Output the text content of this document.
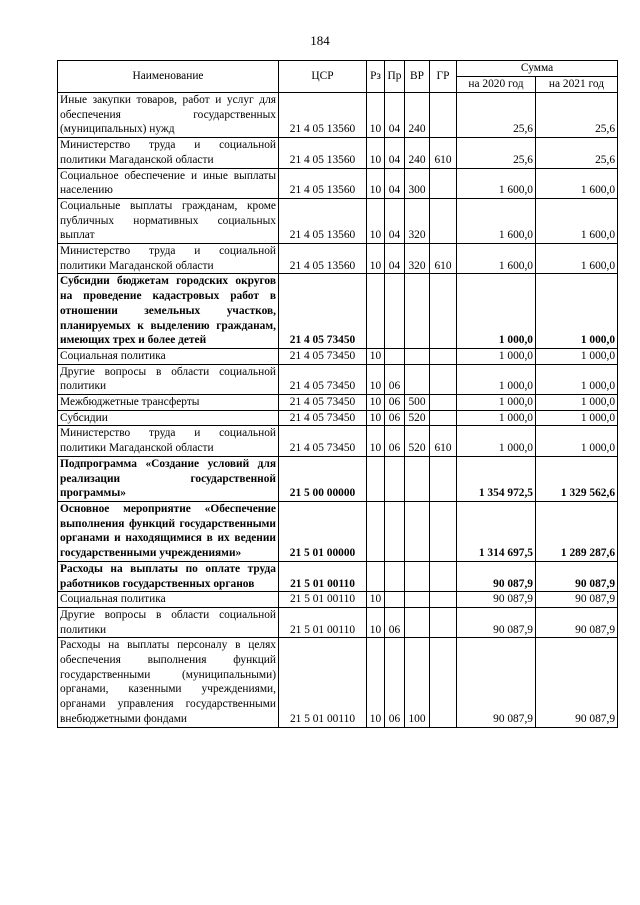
184
Наименование	ЦСР	Рз	Пр	ВР	ГР	Сумма	
						на 2020 год	на 2021 год
Иные закупки товаров, работ и услуг для обеспечения государственных (муниципальных) нужд	21 4 05 13560	10	04	240		25,6	25,6
Министерство труда и социальной политики Магаданской области	21 4 05 13560	10	04	240	610	25,6	25,6
Социальное обеспечение и иные выплаты населению	21 4 05 13560	10	04	300		1 600,0	1 600,0
Социальные выплаты гражданам, кроме публичных нормативных социальных выплат	21 4 05 13560	10	04	320		1 600,0	1 600,0
Министерство труда и социальной политики Магаданской области	21 4 05 13560	10	04	320	610	1 600,0	1 600,0
Субсидии бюджетам городских округов на проведение кадастровых работ в отношении земельных участков, планируемых к выделению гражданам, имеющих трех и более детей	21 4 05 73450					1 000,0	1 000,0
Социальная политика	21 4 05 73450	10				1 000,0	1 000,0
Другие вопросы в области социальной политики	21 4 05 73450	10	06			1 000,0	1 000,0
Межбюджетные трансферты	21 4 05 73450	10	06	500		1 000,0	1 000,0
Субсидии	21 4 05 73450	10	06	520		1 000,0	1 000,0
Министерство труда и социальной политики Магаданской области	21 4 05 73450	10	06	520	610	1 000,0	1 000,0
Подпрограмма «Создание условий для реализации государственной программы»	21 5 00 00000					1 354 972,5	1 329 562,6
Основное мероприятие «Обеспечение выполнения функций государственными органами и находящимися в их ведении государственными учреждениями»	21 5 01 00000					1 314 697,5	1 289 287,6
Расходы на выплаты по оплате труда работников государственных органов	21 5 01 00110					90 087,9	90 087,9
Социальная политика	21 5 01 00110	10				90 087,9	90 087,9
Другие вопросы в области социальной политики	21 5 01 00110	10	06			90 087,9	90 087,9
Расходы на выплаты персоналу в целях обеспечения выполнения функций государственными (муниципальными) органами, казенными учреждениями, органами управления государственными внебюджетными фондами	21 5 01 00110	10	06	100		90 087,9	90 087,9
